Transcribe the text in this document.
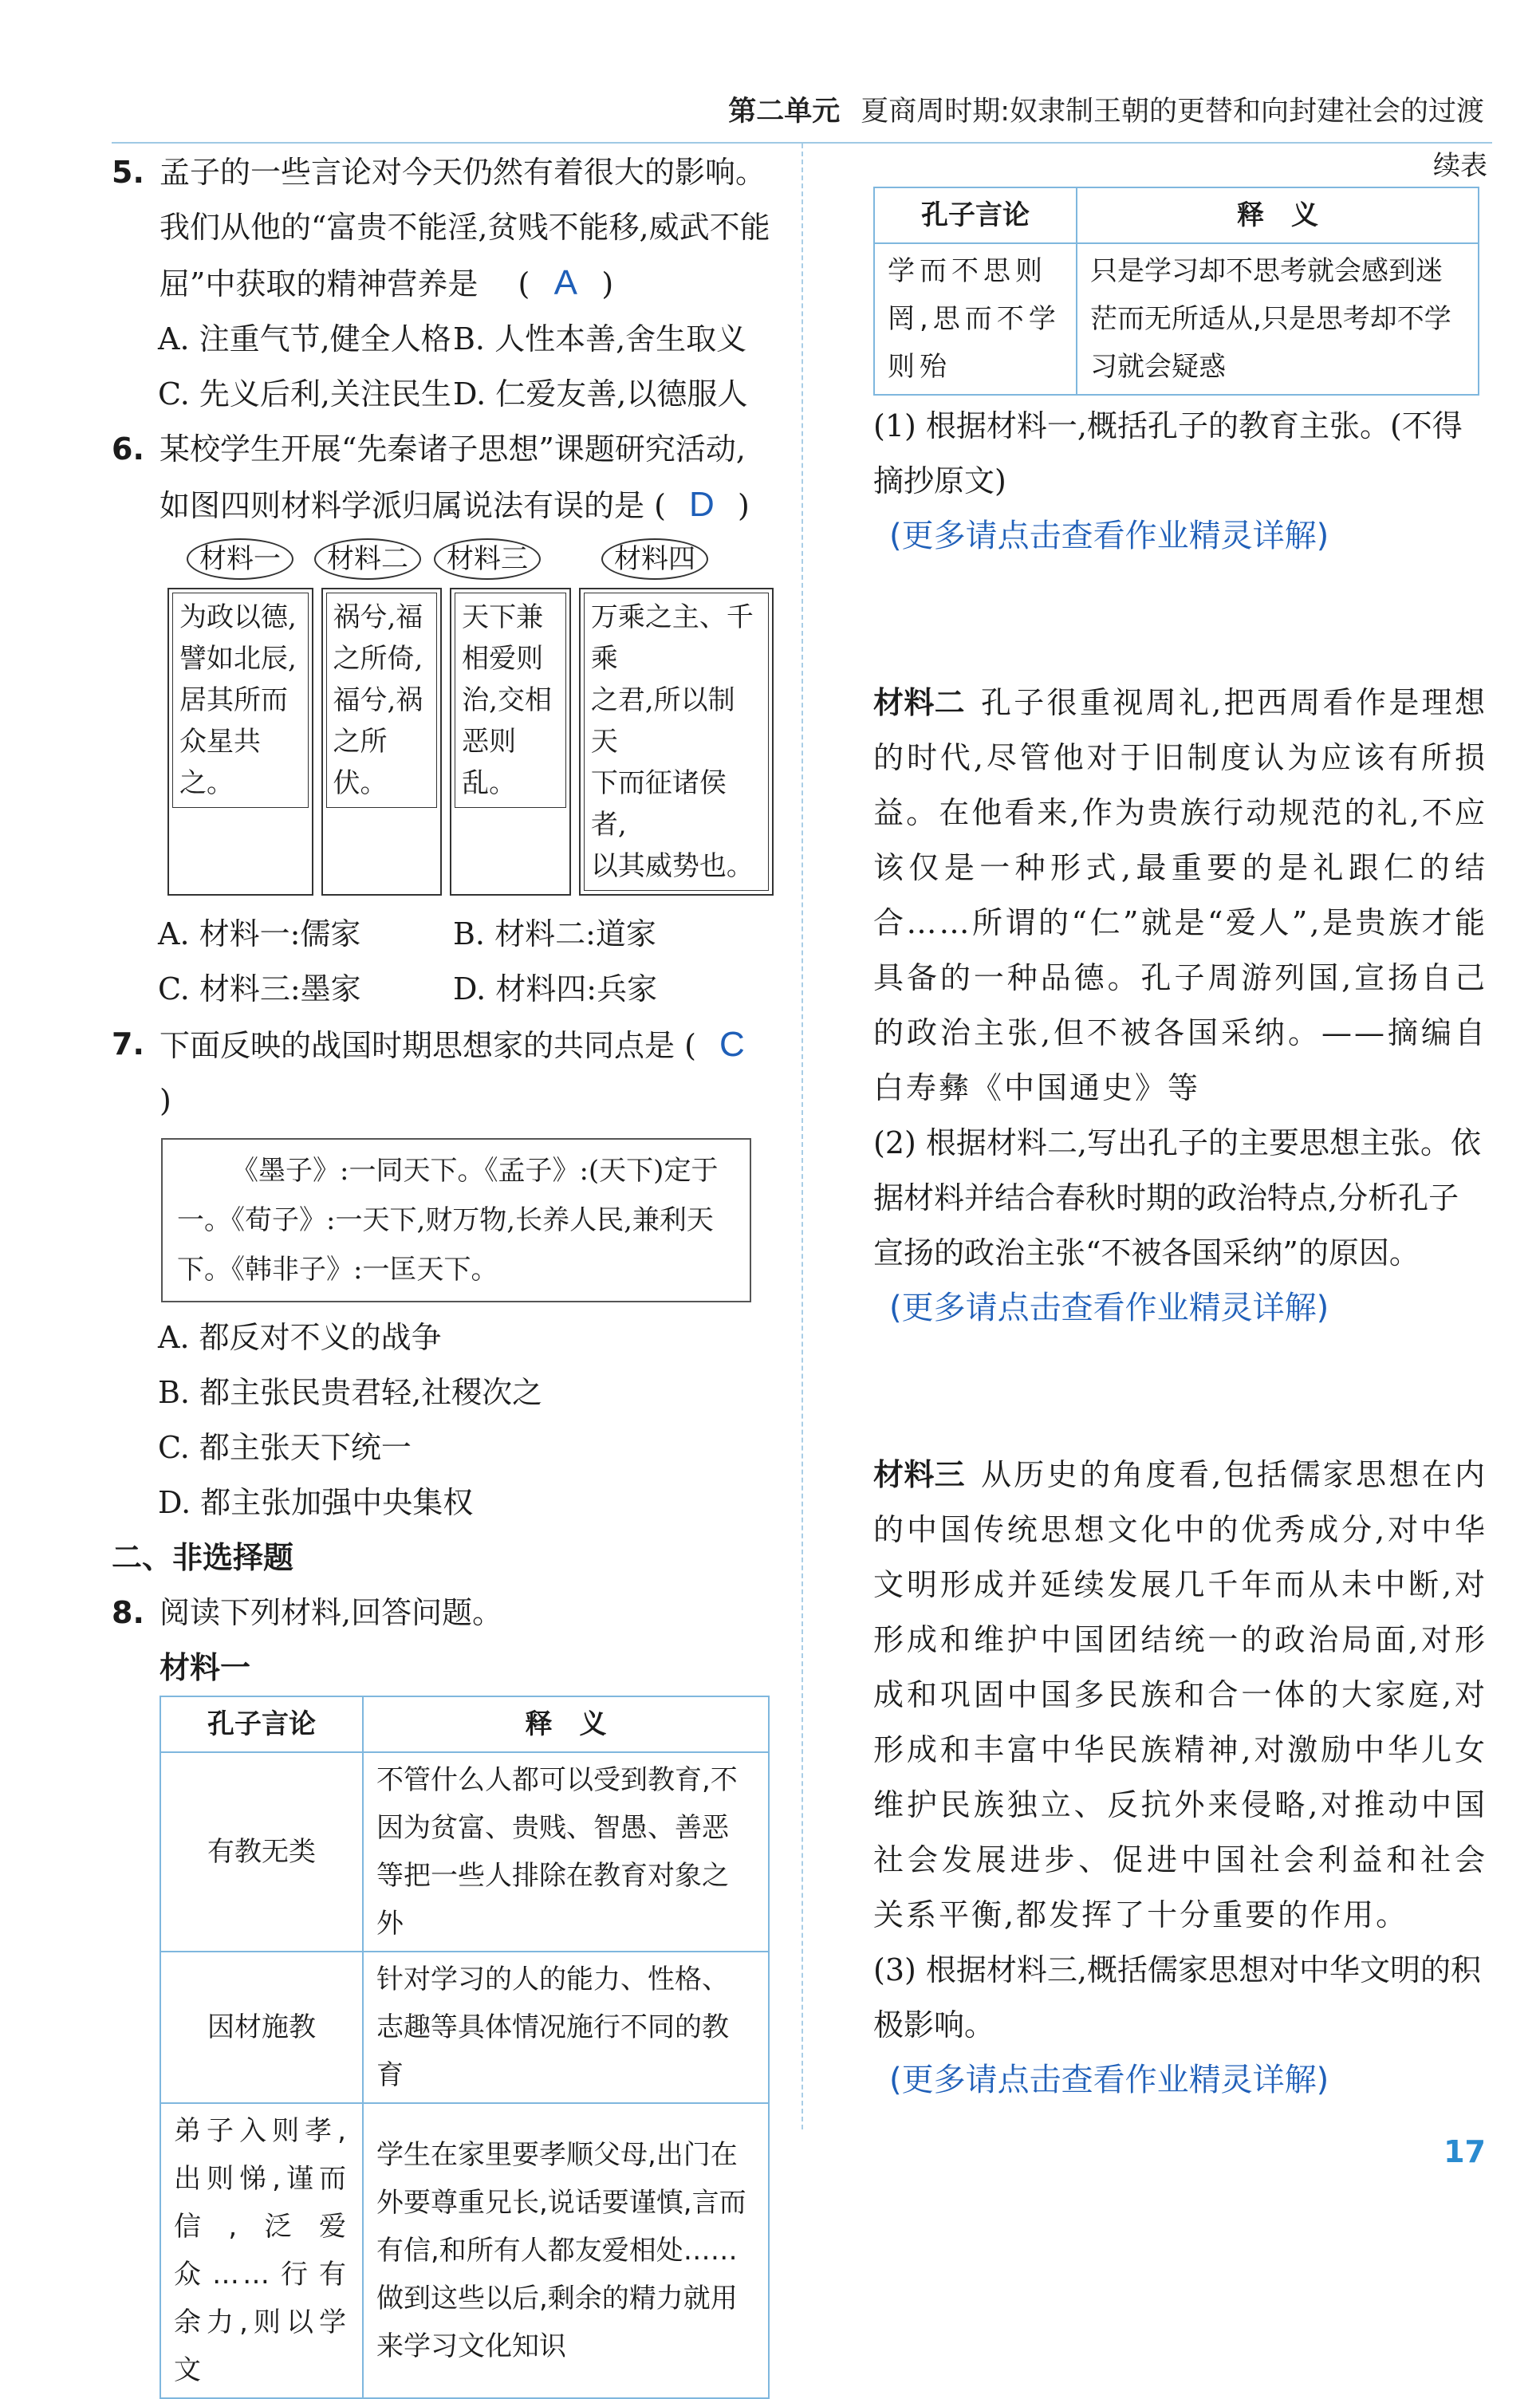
第二单元 夏商周时期:奴隶制王朝的更替和向封建社会的过渡
5. 孟子的一些言论对今天仍然有着很大的影响。我们从他的“富贵不能淫,贫贱不能移,威武不能屈”中获取的精神营养是 　( A )
A. 注重气节,健全人格 B. 人性本善,舍生取义
C. 先义后利,关注民生 D. 仁爱友善,以德服人
6. 某校学生开展“先秦诸子思想”课题研究活动,如图四则材料学派归属说法有误的是 ( D )
材料一	材料二	材料三	材料四
为政以德,
譬如北辰,
居其所而
众星共之。
祸兮,福
之所倚,
福兮,祸
之所伏。
天下兼
相爱则
治,交相
恶则乱。
万乘之主、千乘
之君,所以制天
下而征诸侯者,
以其威势也。
A. 材料一:儒家	B. 材料二:道家
C. 材料三:墨家	D. 材料四:兵家
7. 下面反映的战国时期思想家的共同点是 ( C)
《墨子》:一同天下。《孟子》:(天下)定于一。《荀子》:一天下,财万物,长养人民,兼利天下。《韩非子》:一匡天下。
A. 都反对不义的战争
B. 都主张民贵君轻,社稷次之
C. 都主张天下统一
D. 都主张加强中央集权
二、非选择题
8. 阅读下列材料,回答问题。
材料一
孔子言论	释　义
有教无类	不管什么人都可以受到教育,不因为贫富、贵贱、智愚、善恶等把一些人排除在教育对象之外
因材施教	针对学习的人的能力、性格、志趣等具体情况施行不同的教育
弟子入则孝,出则悌,谨而信,泛爱众……行有余力,则以学文	学生在家里要孝顺父母,出门在外要尊重兄长,说话要谨慎,言而有信,和所有人都友爱相处……做到这些以后,剩余的精力就用来学习文化知识
续表
孔子言论	释　义
学而不思则罔,思而不学则殆	只是学习却不思考就会感到迷茫而无所适从,只是思考却不学习就会疑惑
(1) 根据材料一,概括孔子的教育主张。(不得摘抄原文)
(更多请点击查看作业精灵详解)
材料二 孔子很重视周礼,把西周看作是理想的时代,尽管他对于旧制度认为应该有所损益。在他看来,作为贵族行动规范的礼,不应该仅是一种形式,最重要的是礼跟仁的结合……所谓的“仁”就是“爱人”,是贵族才能具备的一种品德。孔子周游列国,宣扬自己的政治主张,但不被各国采纳。——摘编自白寿彝《中国通史》等
(2) 根据材料二,写出孔子的主要思想主张。依据材料并结合春秋时期的政治特点,分析孔子宣扬的政治主张“不被各国采纳”的原因。
(更多请点击查看作业精灵详解)
材料三 从历史的角度看,包括儒家思想在内的中国传统思想文化中的优秀成分,对中华文明形成并延续发展几千年而从未中断,对形成和维护中国团结统一的政治局面,对形成和巩固中国多民族和合一体的大家庭,对形成和丰富中华民族精神,对激励中华儿女维护民族独立、反抗外来侵略,对推动中国社会发展进步、促进中国社会利益和社会关系平衡,都发挥了十分重要的作用。
(3) 根据材料三,概括儒家思想对中华文明的积极影响。
(更多请点击查看作业精灵详解)
17
